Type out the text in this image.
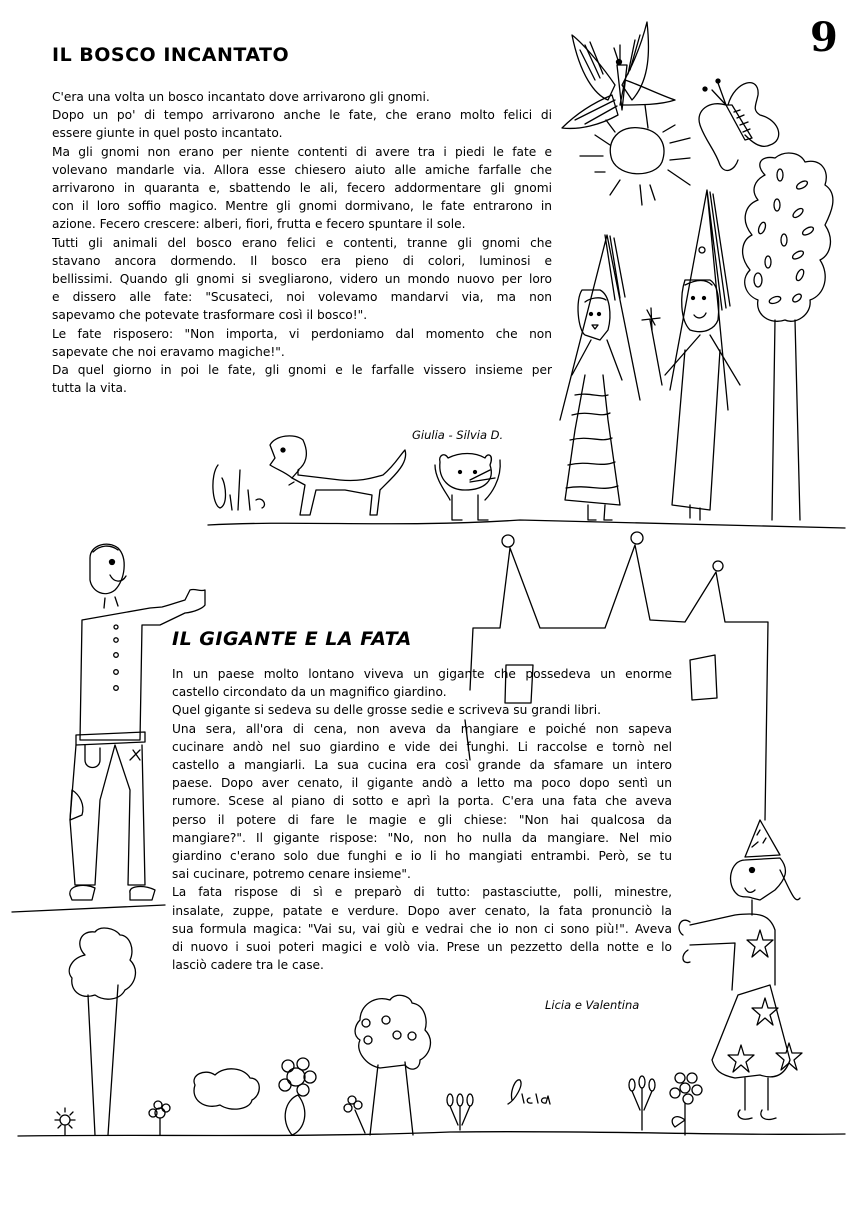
9
IL BOSCO INCANTATO
C'era una volta un bosco incantato dove arrivarono gli gnomi.
Dopo un po' di tempo arrivarono anche le fate, che erano molto felici di
essere giunte in quel posto incantato.
Ma gli gnomi non erano per niente contenti di avere tra i piedi le fate e
volevano mandarle via. Allora esse chiesero aiuto alle amiche farfalle che
arrivarono in quaranta e, sbattendo le ali, fecero addormentare gli gnomi
con il loro soffio magico. Mentre gli gnomi dormivano, le fate entrarono in
azione. Fecero crescere: alberi, fiori, frutta e fecero spuntare il sole.
Tutti gli animali del bosco erano felici e contenti, tranne gli gnomi che
stavano ancora dormendo. Il bosco era pieno di colori, luminosi e
bellissimi. Quando gli gnomi si svegliarono, videro un mondo nuovo per loro
e dissero alle fate: "Scusateci, noi volevamo mandarvi via, ma non
sapevamo che potevate trasformare così il bosco!".
Le fate risposero: "Non importa, vi perdoniamo dal momento che non
sapevate che noi eravamo magiche!".
Da quel giorno in poi le fate, gli gnomi e le farfalle vissero insieme per
tutta la vita.
Giulia - Silvia D.
IL GIGANTE E LA FATA
In un paese molto lontano viveva un gigante che possedeva un enorme
castello circondato da un magnifico giardino.
Quel gigante si sedeva su delle grosse sedie e scriveva su grandi libri.
Una sera, all'ora di cena, non aveva da mangiare e poiché non sapeva
cucinare andò nel suo giardino e vide dei funghi. Li raccolse e tornò nel
castello a mangiarli. La sua cucina era così grande da sfamare un intero
paese. Dopo aver cenato, il gigante andò a letto ma poco dopo sentì un
rumore. Scese al piano di sotto e aprì la porta. C'era una fata che aveva
perso il potere di fare le magie e gli chiese: "Non hai qualcosa da
mangiare?". Il gigante rispose: "No, non ho nulla da mangiare. Nel mio
giardino c'erano solo due funghi e io li ho mangiati entrambi. Però, se tu
sai cucinare, potremo cenare insieme".
La fata rispose di sì e preparò di tutto: pastasciutte, polli, minestre,
insalate, zuppe, patate e verdure. Dopo aver cenato, la fata pronunciò la
sua formula magica: "Vai su, vai giù e vedrai che io non ci sono più!". Aveva
di nuovo i suoi poteri magici e volò via. Prese un pezzetto della notte e lo
lasciò cadere tra le case.
Licia e Valentina
